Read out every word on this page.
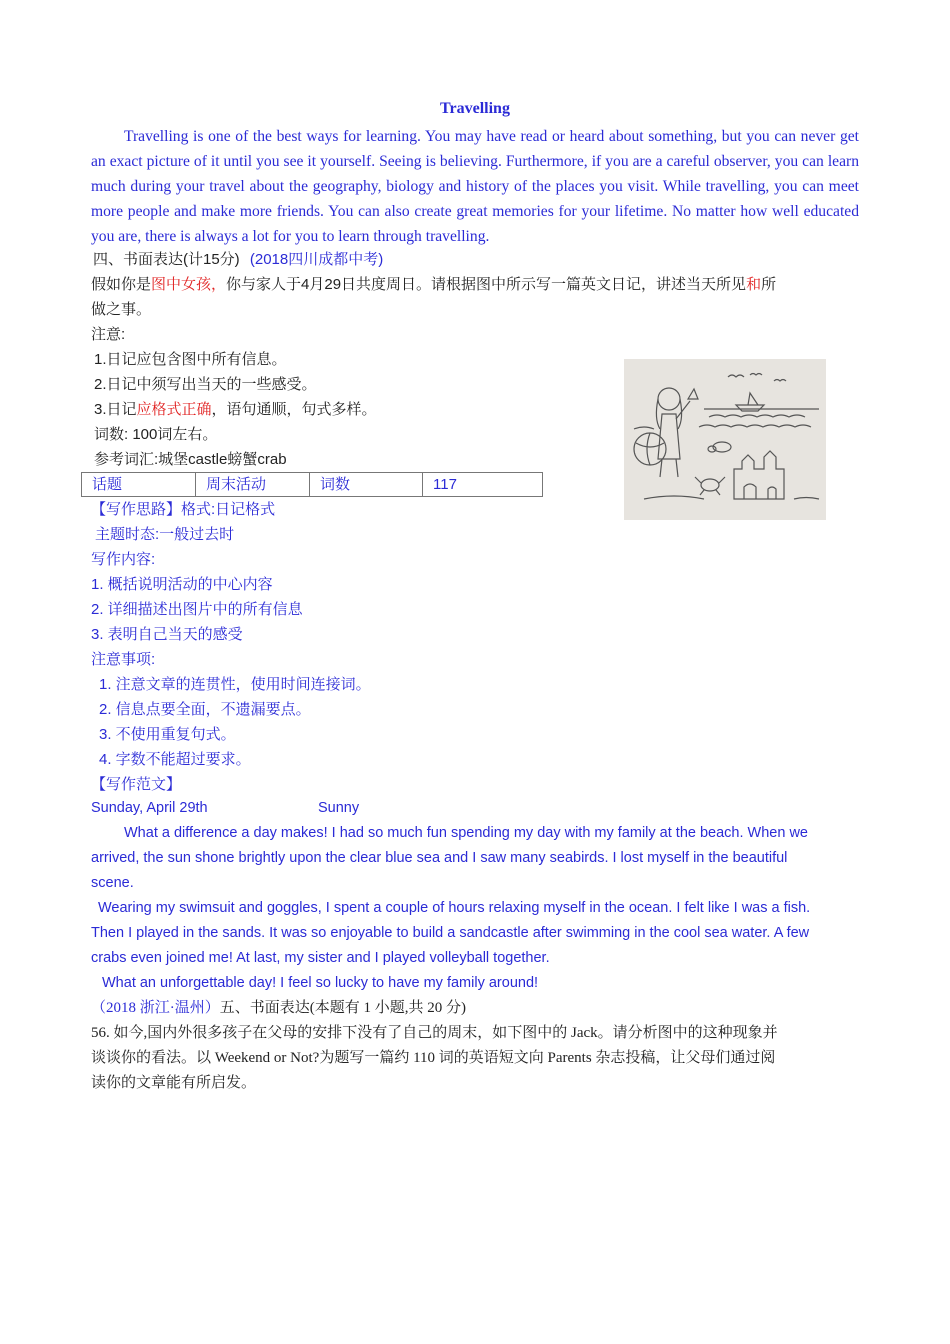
Travelling
Travelling is one of the best ways for learning. You may have read or heard about something, but you can never get an exact picture of it until you see it yourself. Seeing is believing. Furthermore, if you are a careful observer, you can learn much during your travel about the geography, biology and history of the places you visit. While travelling, you can meet more people and make more friends. You can also create great memories for your lifetime. No matter how well educated you are, there is always a lot for you to learn through travelling.
四、书面表达(计15分) (2018四川成都中考)
假如你是图中女孩，你与家人于4月29日共度周日。请根据图中所示写一篇英文日记，讲述当天所见和所
做之事。
注意:
1.日记应包含图中所有信息。
2.日记中须写出当天的一些感受。
3.日记应格式正确，语句通顺，句式多样。
词数: 100词左右。
参考词汇:城堡castle螃蟹crab
话题	周末活动	词数	117
【写作思路】格式:日记格式
主题时态:一般过去时
写作内容:
1. 概括说明活动的中心内容
2. 详细描述出图片中的所有信息
3. 表明自己当天的感受
注意事项:
1. 注意文章的连贯性，使用时间连接词。
2. 信息点要全面，不遗漏要点。
3. 不使用重复句式。
4. 字数不能超过要求。
【写作范文】
Sunday, April 29th	Sunny
What a difference a day makes! I had so much fun spending my day with my family at the beach. When we
arrived, the sun shone brightly upon the clear blue sea and I saw many seabirds. I lost myself in the beautiful
scene.
Wearing my swimsuit and goggles, I spent a couple of hours relaxing myself in the ocean. I felt like I was a fish.
Then I played in the sands. It was so enjoyable to build a sandcastle after swimming in the cool sea water. A few
crabs even joined me! At last, my sister and I played volleyball together.
What an unforgettable day! I feel so lucky to have my family around!
（2018 浙江·温州）五、书面表达(本题有 1 小题,共 20 分)
56. 如今,国内外很多孩子在父母的安排下没有了自己的周末，如下图中的 Jack。请分析图中的这种现象并
谈谈你的看法。以 Weekend or Not?为题写一篇约 110 词的英语短文向 Parents 杂志投稿，让父母们通过阅
读你的文章能有所启发。
